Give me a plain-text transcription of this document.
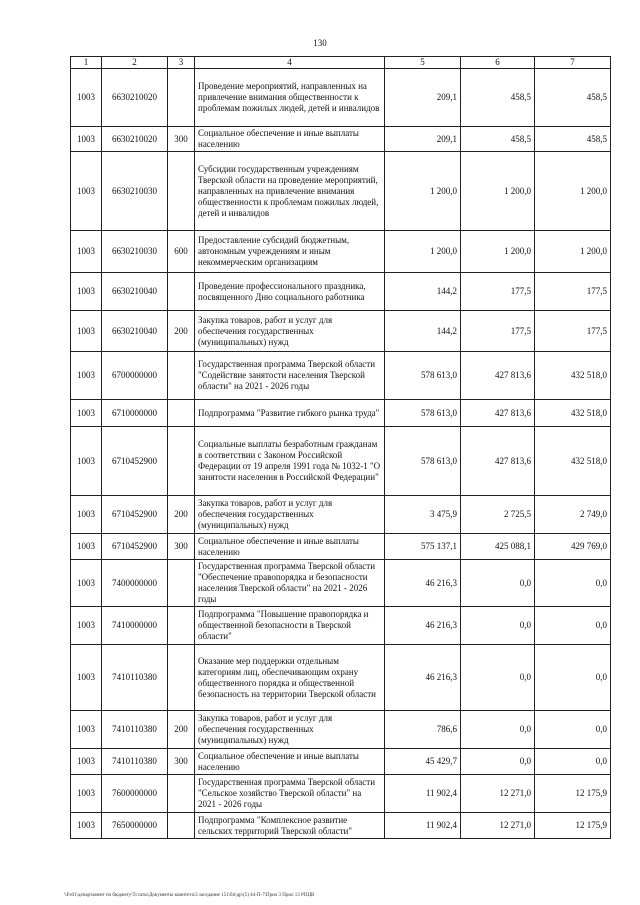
130
1	2	3	4	5	6	7
1003	6630210020		Проведение мероприятий, направленных на привлечение внимания общественности к проблемам пожилых людей, детей и инвалидов	209,1	458,5	458,5
1003	6630210020	300	Социальное обеспечение и иные выплаты населению	209,1	458,5	458,5
1003	6630210030		Субсидии государственным учреждениям Тверской области на проведение мероприятий, направленных на привлечение внимания общественности к проблемам пожилых людей, детей и инвалидов	1 200,0	1 200,0	1 200,0
1003	6630210030	600	Предоставление субсидий бюджетным, автономным учреждениям и иным некоммерческим организациям	1 200,0	1 200,0	1 200,0
1003	6630210040		Проведение профессионального праздника, посвященного Дню социального работника	144,2	177,5	177,5
1003	6630210040	200	Закупка товаров, работ и услуг для обеспечения государственных (муниципальных) нужд	144,2	177,5	177,5
1003	6700000000		Государственная программа Тверской области "Содействие занятости населения Тверской области" на 2021 - 2026 годы	578 613,0	427 813,6	432 518,0
1003	6710000000		Подпрограмма "Развитие гибкого рынка труда"	578 613,0	427 813,6	432 518,0
1003	6710452900		Социальные выплаты безработным гражданам в соответствии с Законом Российской Федерации от 19 апреля 1991 года № 1032-1 "О занятости населения в Российской Федерации"	578 613,0	427 813,6	432 518,0
1003	6710452900	200	Закупка товаров, работ и услуг для обеспечения государственных (муниципальных) нужд	3 475,9	2 725,5	2 749,0
1003	6710452900	300	Социальное обеспечение и иные выплаты населению	575 137,1	425 088,1	429 769,0
1003	7400000000		Государственная программа Тверской области "Обеспечение правопорядка и безопасности населения Тверской области" на 2021 - 2026 годы	46 216,3	0,0	0,0
1003	7410000000		Подпрограмма "Повышение правопорядка и общественной безопасности в Тверской области"	46 216,3	0,0	0,0
1003	7410110380		Оказание мер поддержки отдельным категориям лиц, обеспечивающим охрану общественного порядка и общественной безопасность на территории Тверской области	46 216,3	0,0	0,0
1003	7410110380	200	Закупка товаров, работ и услуг для обеспечения государственных (муниципальных) нужд	786,6	0,0	0,0
1003	7410110380	300	Социальное обеспечение и иные выплаты населению	45 429,7	0,0	0,0
1003	7600000000		Государственная программа Тверской области "Сельское хозяйство Тверской области" на 2021 - 2026 годы	11 902,4	12 271,0	12 175,9
1003	7650000000		Подпрограмма "Комплексное развитие сельских территорий Тверской области"	11 902,4	12 271,0	12 175,9
\\Fs01\департамент по бюджету\Тссаты\Документы комитета\3 заседание 151\бп\др\(5) 44-П-7\Прил 3 Прил 13 РПЦВ
